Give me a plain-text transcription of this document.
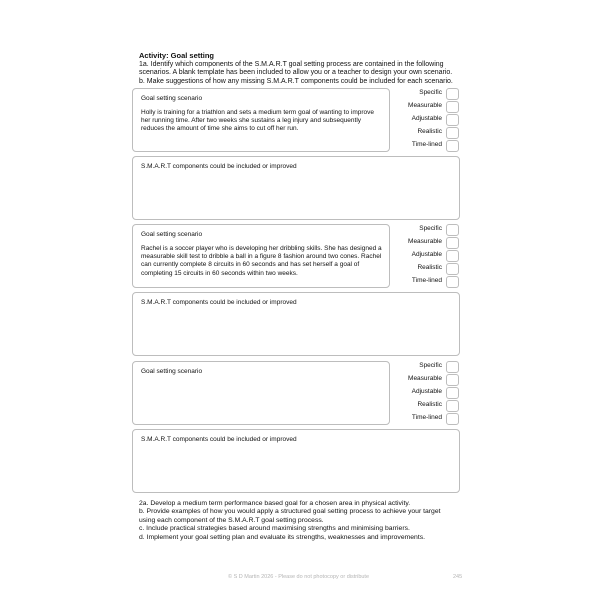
Activity: Goal setting
1a. Identify which components of the S.M.A.R.T goal setting process are contained in the following
scenarios. A blank template has been included to allow you or a teacher to design your own scenario.
b. Make suggestions of how any missing S.M.A.R.T components could be included for each scenario.
Goal setting scenario
Holly is training for a triathlon and sets a medium term goal of wanting to improve her running time. After two weeks she sustains a leg injury and subsequently reduces the amount of time she aims to cut off her run.
Specific
Measurable
Adjustable
Realistic
Time-lined
S.M.A.R.T components could be included or improved
Goal setting scenario
Rachel is a soccer player who is developing her dribbling skills. She has designed a measurable skill test to dribble a ball in a figure 8 fashion around two cones. Rachel can currently complete 8 circuits in 60 seconds and has set herself a goal of completing 15 circuits in 60 seconds within two weeks.
Specific
Measurable
Adjustable
Realistic
Time-lined
S.M.A.R.T components could be included or improved
Goal setting scenario
Specific
Measurable
Adjustable
Realistic
Time-lined
S.M.A.R.T components could be included or improved
2a. Develop a medium term performance based goal for a chosen area in physical activity.
b. Provide examples of how you would apply a structured goal setting process to achieve your target
using each component of the S.M.A.R.T goal setting process.
c. Include practical strategies based around maximising strengths and minimising barriers.
d. Implement your goal setting plan and evaluate its strengths, weaknesses and improvements.
© S D Martin 2026 - Please do not photocopy or distribute	245
